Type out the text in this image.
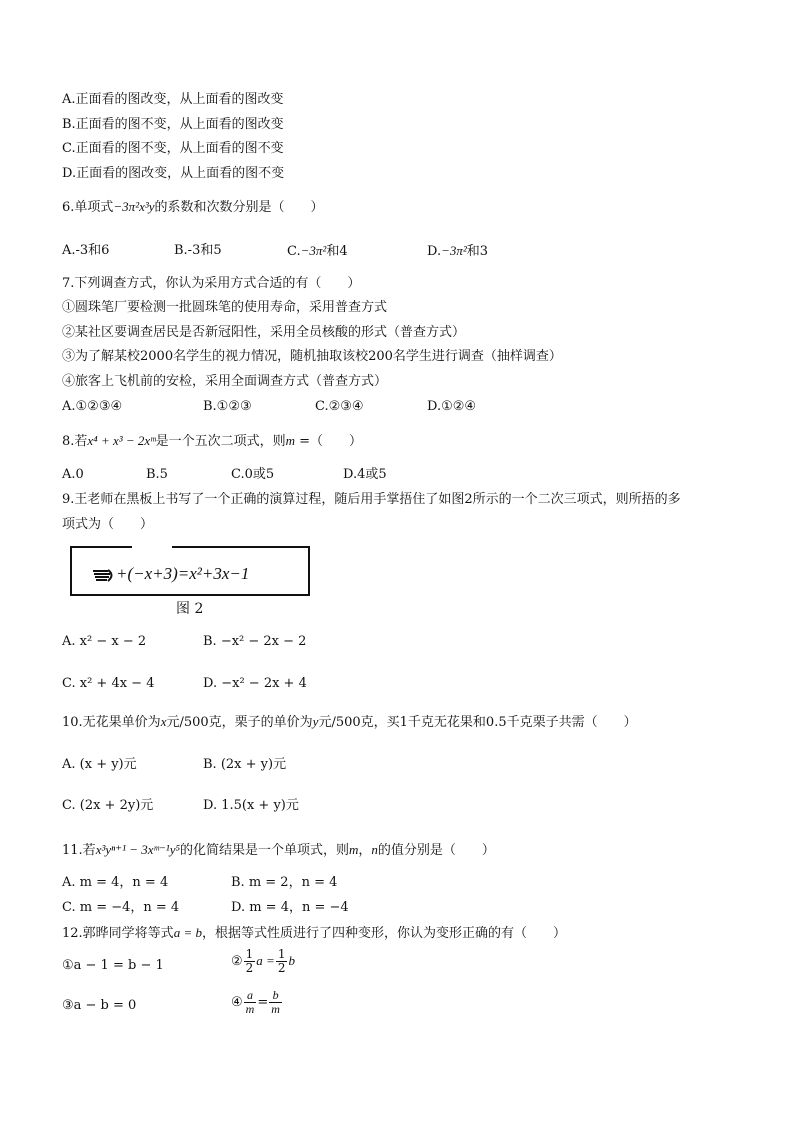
A.正面看的图改变，从上面看的图改变
B.正面看的图不变，从上面看的图改变
C.正面看的图不变，从上面看的图不变
D.正面看的图改变，从上面看的图不变
6.单项式−3π²x³y的系数和次数分别是（　　）
A.-3和6	B.-3和5	C.−3π²和4	D.−3π²和3
7.下列调查方式，你认为采用方式合适的有（　　）
①圆珠笔厂要检测一批圆珠笔的使用寿命，采用普查方式
②某社区要调查居民是否新冠阳性，采用全员核酸的形式（普查方式）
③为了解某校2000名学生的视力情况，随机抽取该校200名学生进行调查（抽样调查）
④旅客上飞机前的安检，采用全面调查方式（普查方式）
A.①②③④	B.①②③	C.②③④	D.①②④
8.若x⁴ + x³ − 2xᵐ是一个五次二项式，则m =（　　）
A.0	B.5	C.0或5	D.4或5
9.王老师在黑板上书写了一个正确的演算过程，随后用手掌捂住了如图2所示的一个二次三项式，则所捂的多
项式为（　　）
+(−x+3)=x²+3x−1
图 2
A. x² − x − 2	B. −x² − 2x − 2
C. x² + 4x − 4	D. −x² − 2x + 4
10.无花果单价为x元/500克，栗子的单价为y元/500克，买1千克无花果和0.5千克栗子共需（　　）
A. (x + y)元	B. (2x + y)元
C. (2x + 2y)元	D. 1.5(x + y)元
11.若x³yⁿ⁺¹ − 3xᵐ⁻¹y⁵的化简结果是一个单项式，则m，n的值分别是（　　）
A. m = 4，n = 4	B. m = 2，n = 4
C. m = −4，n = 4	D. m = 4，n = −4
12.郭晔同学将等式a = b，根据等式性质进行了四种变形，你认为变形正确的有（　　）
①a − 1 = b − 1	② $\frac{1}{2}$ $a = \frac{1}{2}$ b
③a − b = 0	④ $\frac{a}{m} = \frac{b}{m}$
